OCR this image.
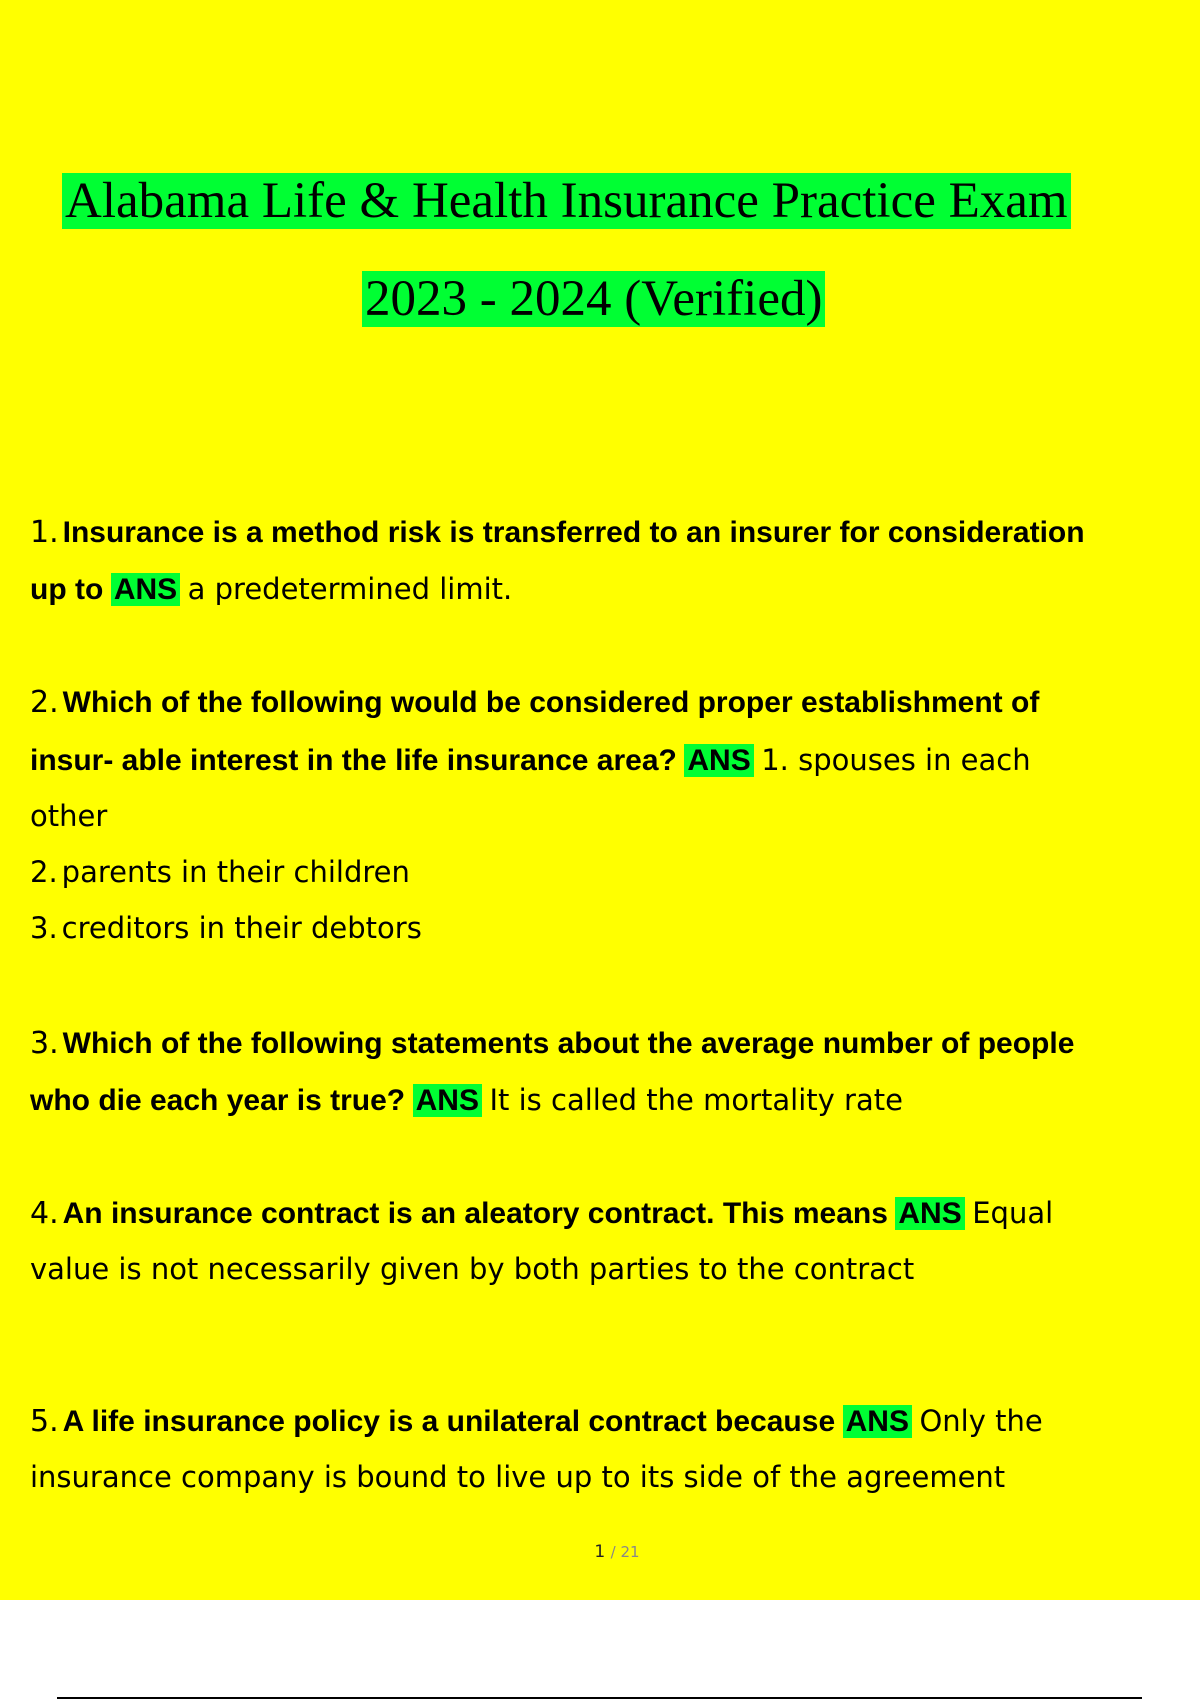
Alabama Life & Health Insurance Practice Exam
2023 - 2024 (Verified)
1. Insurance is a method risk is transferred to an insurer for consideration
up to ANS a predetermined limit.
2. Which of the following would be considered proper establishment of
insur- able interest in the life insurance area? ANS 1. spouses in each
other
2. parents in their children
3. creditors in their debtors
3. Which of the following statements about the average number of people
who die each year is true? ANS It is called the mortality rate
4. An insurance contract is an aleatory contract. This means ANS Equal
value is not necessarily given by both parties to the contract
5. A life insurance policy is a unilateral contract because ANS Only the
insurance company is bound to live up to its side of the agreement
1 / 21
